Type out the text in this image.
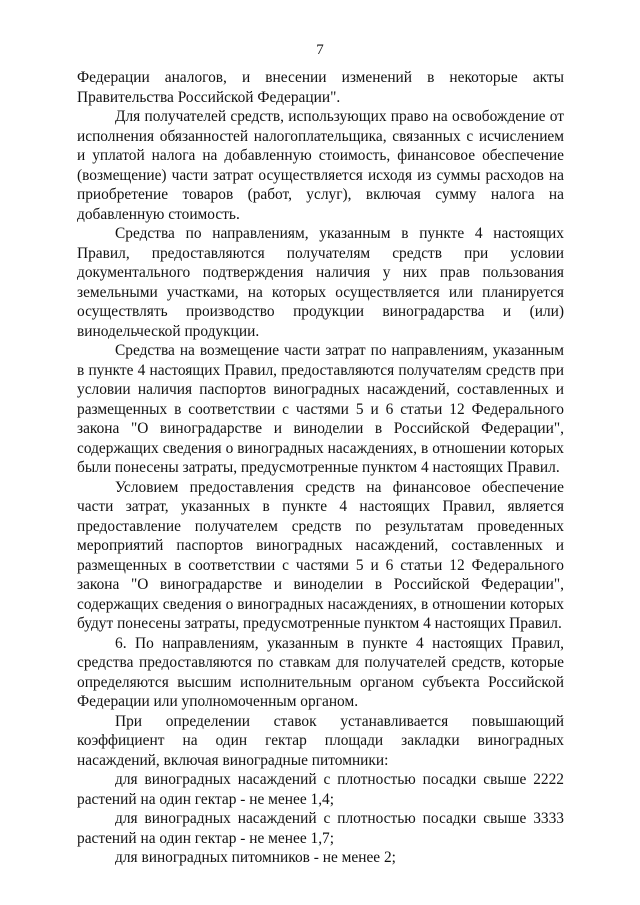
7

Федерации аналогов, и внесении изменений в некоторые акты Правительства Российской Федерации".

Для получателей средств, использующих право на освобождение от исполнения обязанностей налогоплательщика, связанных с исчислением и уплатой налога на добавленную стоимость, финансовое обеспечение (возмещение) части затрат осуществляется исходя из суммы расходов на приобретение товаров (работ, услуг), включая сумму налога на добавленную стоимость.

Средства по направлениям, указанным в пункте 4 настоящих Правил, предоставляются получателям средств при условии документального подтверждения наличия у них прав пользования земельными участками, на которых осуществляется или планируется осуществлять производство продукции виноградарства и (или) винодельческой продукции.

Средства на возмещение части затрат по направлениям, указанным в пункте 4 настоящих Правил, предоставляются получателям средств при условии наличия паспортов виноградных насаждений, составленных и размещенных в соответствии с частями 5 и 6 статьи 12 Федерального закона "О виноградарстве и виноделии в Российской Федерации", содержащих сведения о виноградных насаждениях, в отношении которых были понесены затраты, предусмотренные пунктом 4 настоящих Правил.

Условием предоставления средств на финансовое обеспечение части затрат, указанных в пункте 4 настоящих Правил, является предоставление получателем средств по результатам проведенных мероприятий паспортов виноградных насаждений, составленных и размещенных в соответствии с частями 5 и 6 статьи 12 Федерального закона "О виноградарстве и виноделии в Российской Федерации", содержащих сведения о виноградных насаждениях, в отношении которых будут понесены затраты, предусмотренные пунктом 4 настоящих Правил.

6. По направлениям, указанным в пункте 4 настоящих Правил, средства предоставляются по ставкам для получателей средств, которые определяются высшим исполнительным органом субъекта Российской Федерации или уполномоченным органом.

При определении ставок устанавливается повышающий коэффициент на один гектар площади закладки виноградных насаждений, включая виноградные питомники:

для виноградных насаждений с плотностью посадки свыше 2222 растений на один гектар - не менее 1,4;

для виноградных насаждений с плотностью посадки свыше 3333 растений на один гектар - не менее 1,7;

для виноградных питомников - не менее 2;
